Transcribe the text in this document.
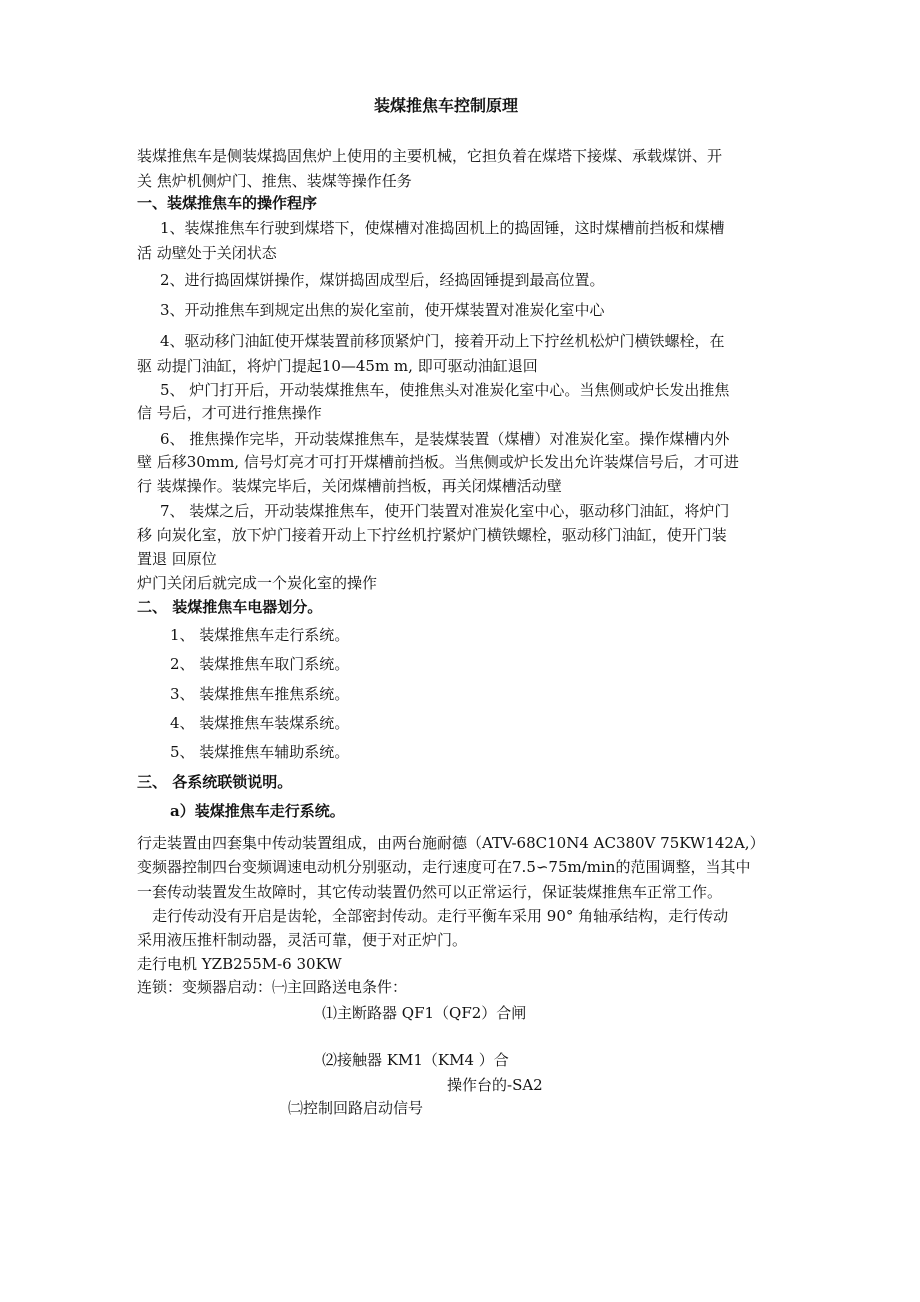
装煤推焦车控制原理
装煤推焦车是侧装煤捣固焦炉上使用的主要机械，它担负着在煤塔下接煤、承载煤饼、开
关 焦炉机侧炉门、推焦、装煤等操作任务
一、装煤推焦车的操作程序
1、装煤推焦车行驶到煤塔下，使煤槽对准捣固机上的捣固锤，这时煤槽前挡板和煤槽
活 动壁处于关闭状态
2、进行捣固煤饼操作，煤饼捣固成型后，经捣固锤提到最高位置。
3、开动推焦车到规定出焦的炭化室前，使开煤装置对准炭化室中心
4、驱动移门油缸使开煤装置前移顶紧炉门，接着开动上下拧丝机松炉门横铁螺栓，在
驱 动提门油缸，将炉门提起10—45m m, 即可驱动油缸退回
5、 炉门打开后，开动装煤推焦车，使推焦头对准炭化室中心。当焦侧或炉长发出推焦
信 号后，才可进行推焦操作
6、 推焦操作完毕，开动装煤推焦车，是装煤装置（煤槽）对准炭化室。操作煤槽内外
壁 后移30mm, 信号灯亮才可打开煤槽前挡板。当焦侧或炉长发出允许装煤信号后，才可进
行 装煤操作。装煤完毕后，关闭煤槽前挡板，再关闭煤槽活动壁
7、 装煤之后，开动装煤推焦车，使开门装置对准炭化室中心，驱动移门油缸，将炉门
移 向炭化室，放下炉门接着开动上下拧丝机拧紧炉门横铁螺栓，驱动移门油缸，使开门装
置退 回原位
炉门关闭后就完成一个炭化室的操作
二、 装煤推焦车电器划分。
1、 装煤推焦车走行系统。
2、 装煤推焦车取门系统。
3、 装煤推焦车推焦系统。
4、 装煤推焦车装煤系统。
5、 装煤推焦车辅助系统。
三、 各系统联锁说明。
a）装煤推焦车走行系统。
行走装置由四套集中传动装置组成，由两台施耐德（ATV-68C10N4 AC380V 75KW142A,）
变频器控制四台变频调速电动机分别驱动，走行速度可在7.5∽75m/min的范围调整，当其中
一套传动装置发生故障时，其它传动装置仍然可以正常运行，保证装煤推焦车正常工作。
走行传动没有开启是齿轮，全部密封传动。走行平衡车采用 90° 角轴承结构，走行传动
采用液压推杆制动器，灵活可靠，便于对正炉门。
走行电机 YZB255M-6 30KW
连锁：变频器启动：㈠主回路送电条件：
⑴主断路器 QF1（QF2）合闸
⑵接触器 KM1（KM4 ）合
操作台的-SA2
㈡控制回路启动信号
